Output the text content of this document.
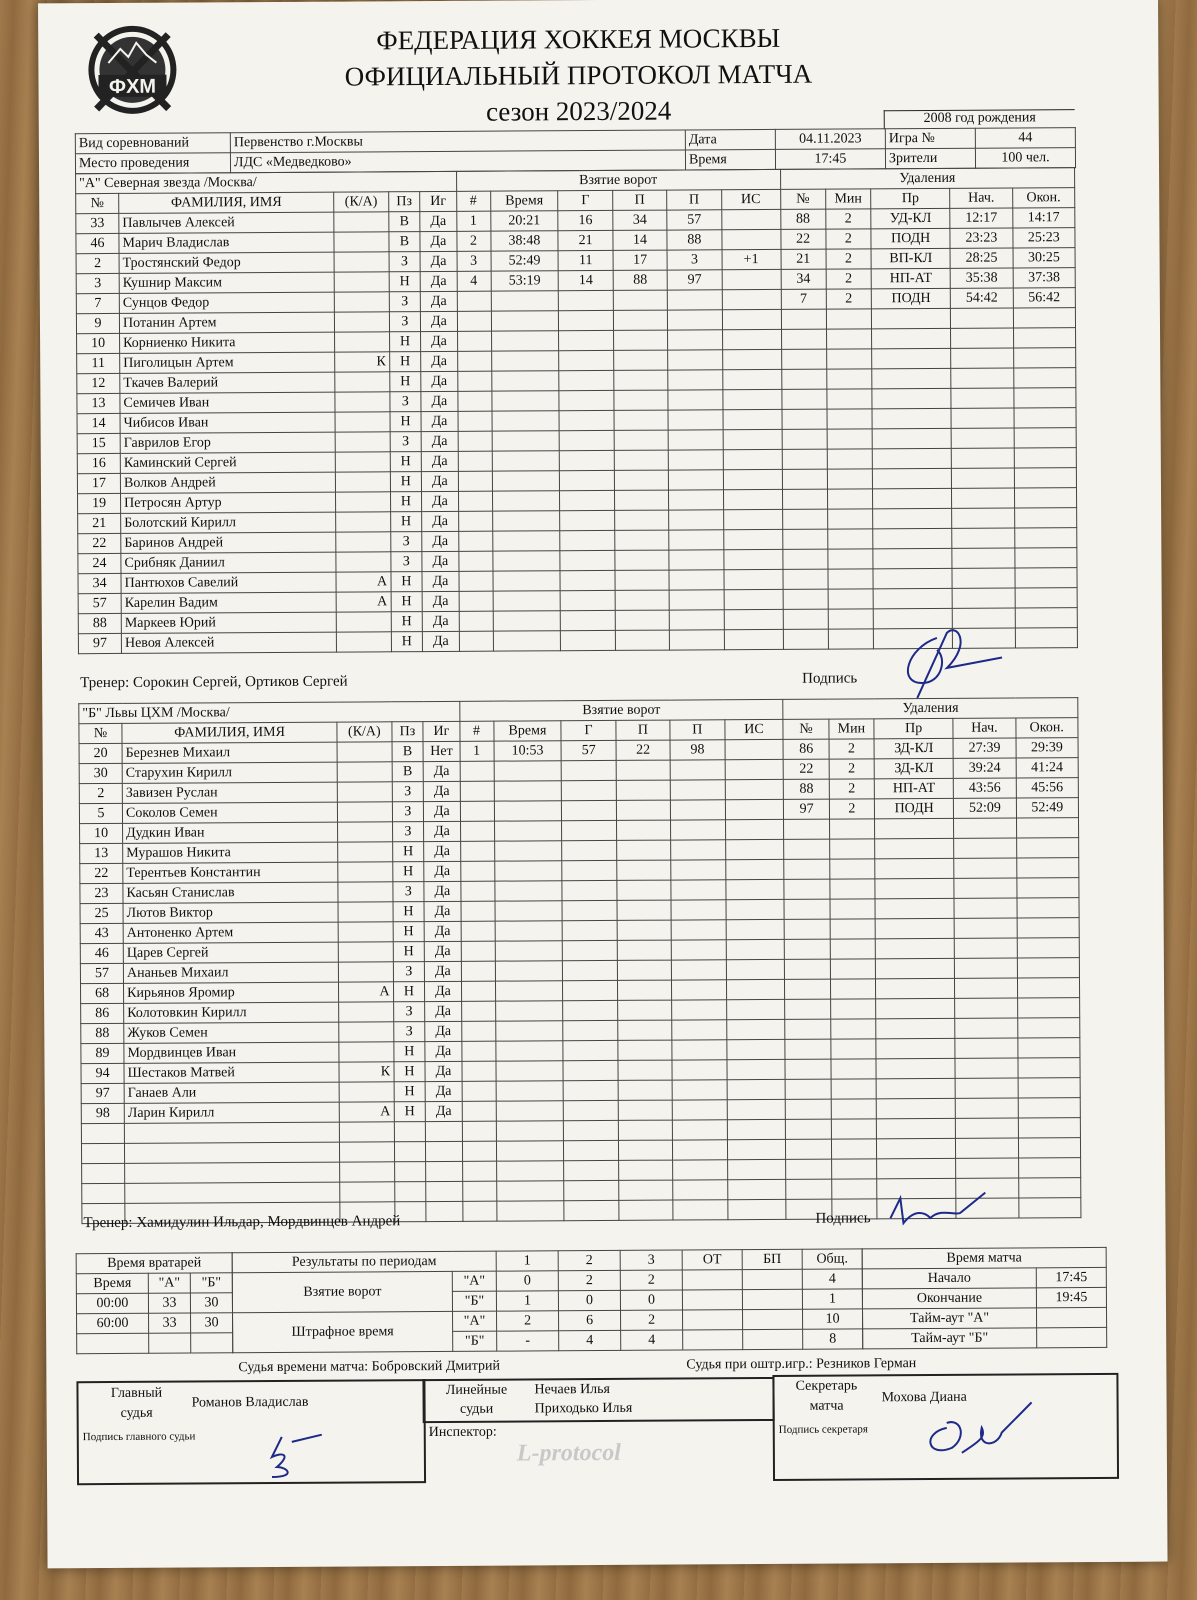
ФХМ
ФЕДЕРАЦИЯ ХОККЕЯ МОСКВЫ
ОФИЦИАЛЬНЫЙ ПРОТОКОЛ МАТЧА
сезон 2023/2024	2008 год рождения
Вид соревнований	Первенство г.Москвы	Дата	04.11.2023	Игра №	44
Место проведения	ЛДС «Медведково»	Время	17:45	Зрители	100 чел.
"А" Северная звезда /Москва/					Взятие ворот						Удаления				
№	ФАМИЛИЯ, ИМЯ	(К/А)	Пз	Иг	#	Время	Г	П	П	ИС	№	Мин	Пр	Нач.	Окон.
33	Павлычев Алексей		В	Да	1	20:21	16	34	57		88	2	УД-КЛ	12:17	14:17
46	Марич Владислав		В	Да	2	38:48	21	14	88		22	2	ПОДН	23:23	25:23
2	Тростянский Федор		З	Да	3	52:49	11	17	3	+1	21	2	ВП-КЛ	28:25	30:25
3	Кушнир Максим		Н	Да	4	53:19	14	88	97		34	2	НП-АТ	35:38	37:38
7	Сунцов Федор		З	Да							7	2	ПОДН	54:42	56:42
9	Потанин Артем		З	Да											
10	Корниенко Никита		Н	Да											
11	Пиголицын Артем	К	Н	Да											
12	Ткачев Валерий		Н	Да											
13	Семичев Иван		З	Да											
14	Чибисов Иван		Н	Да											
15	Гаврилов Егор		З	Да											
16	Каминский Сергей		Н	Да											
17	Волков Андрей		Н	Да											
19	Петросян Артур		Н	Да											
21	Болотский Кирилл		Н	Да											
22	Баринов Андрей		З	Да											
24	Срибняк Даниил		З	Да											
34	Пантюхов Савелий	А	Н	Да											
57	Карелин Вадим	А	Н	Да											
88	Маркеев Юрий		Н	Да											
97	Невоя Алексей		Н	Да											
Тренер: Сорокин Сергей, Ортиков Сергей	Подпись
"Б" Львы ЦХМ /Москва/					Взятие ворот						Удаления				
№	ФАМИЛИЯ, ИМЯ	(К/А)	Пз	Иг	#	Время	Г	П	П	ИС	№	Мин	Пр	Нач.	Окон.
20	Березнев Михаил		В	Нет	1	10:53	57	22	98		86	2	ЗД-КЛ	27:39	29:39
30	Старухин Кирилл		В	Да							22	2	ЗД-КЛ	39:24	41:24
2	Завизен Руслан		З	Да							88	2	НП-АТ	43:56	45:56
5	Соколов Семен		З	Да							97	2	ПОДН	52:09	52:49
10	Дудкин Иван		З	Да											
13	Мурашов Никита		Н	Да											
22	Терентьев Константин		Н	Да											
23	Касьян Станислав		З	Да											
25	Лютов Виктор		Н	Да											
43	Антоненко Артем		Н	Да											
46	Царев Сергей		Н	Да											
57	Ананьев Михаил		З	Да											
68	Кирьянов Яромир	А	Н	Да											
86	Колотовкин Кирилл		З	Да											
88	Жуков Семен		З	Да											
89	Мордвинцев Иван		Н	Да											
94	Шестаков Матвей	К	Н	Да											
97	Ганаев Али		Н	Да											
98	Ларин Кирилл	А	Н	Да											

Тренер: Хамидулин Ильдар, Мордвинцев Андрей	Подпись
Время вратарей		
Время	"А"	"Б"
00:00	33	30
60:00	33	30

Результаты по периодам		1	2	3	ОТ	БП	Общ.
Взятие ворот	"А"	0	2	2			4
	"Б"	1	0	0			1
Штрафное время	"А"	2	6	2			10
	"Б"	-	4	4			8
Время матча	
Начало	17:45
Окончание	19:45
Тайм-аут "А"	
Тайм-аут "Б"	
Судья времени матча: Бобровский Дмитрий	Судья при оштр.игр.: Резников Герман
Главный
судья
Романов Владислав
Подпись главного судьи
Линейные
судьи
Нечаев Илья
Приходько Илья
Инспектор:
Секретарь
матча
Мохова Диана
Подпись секретаря
L-protocol
